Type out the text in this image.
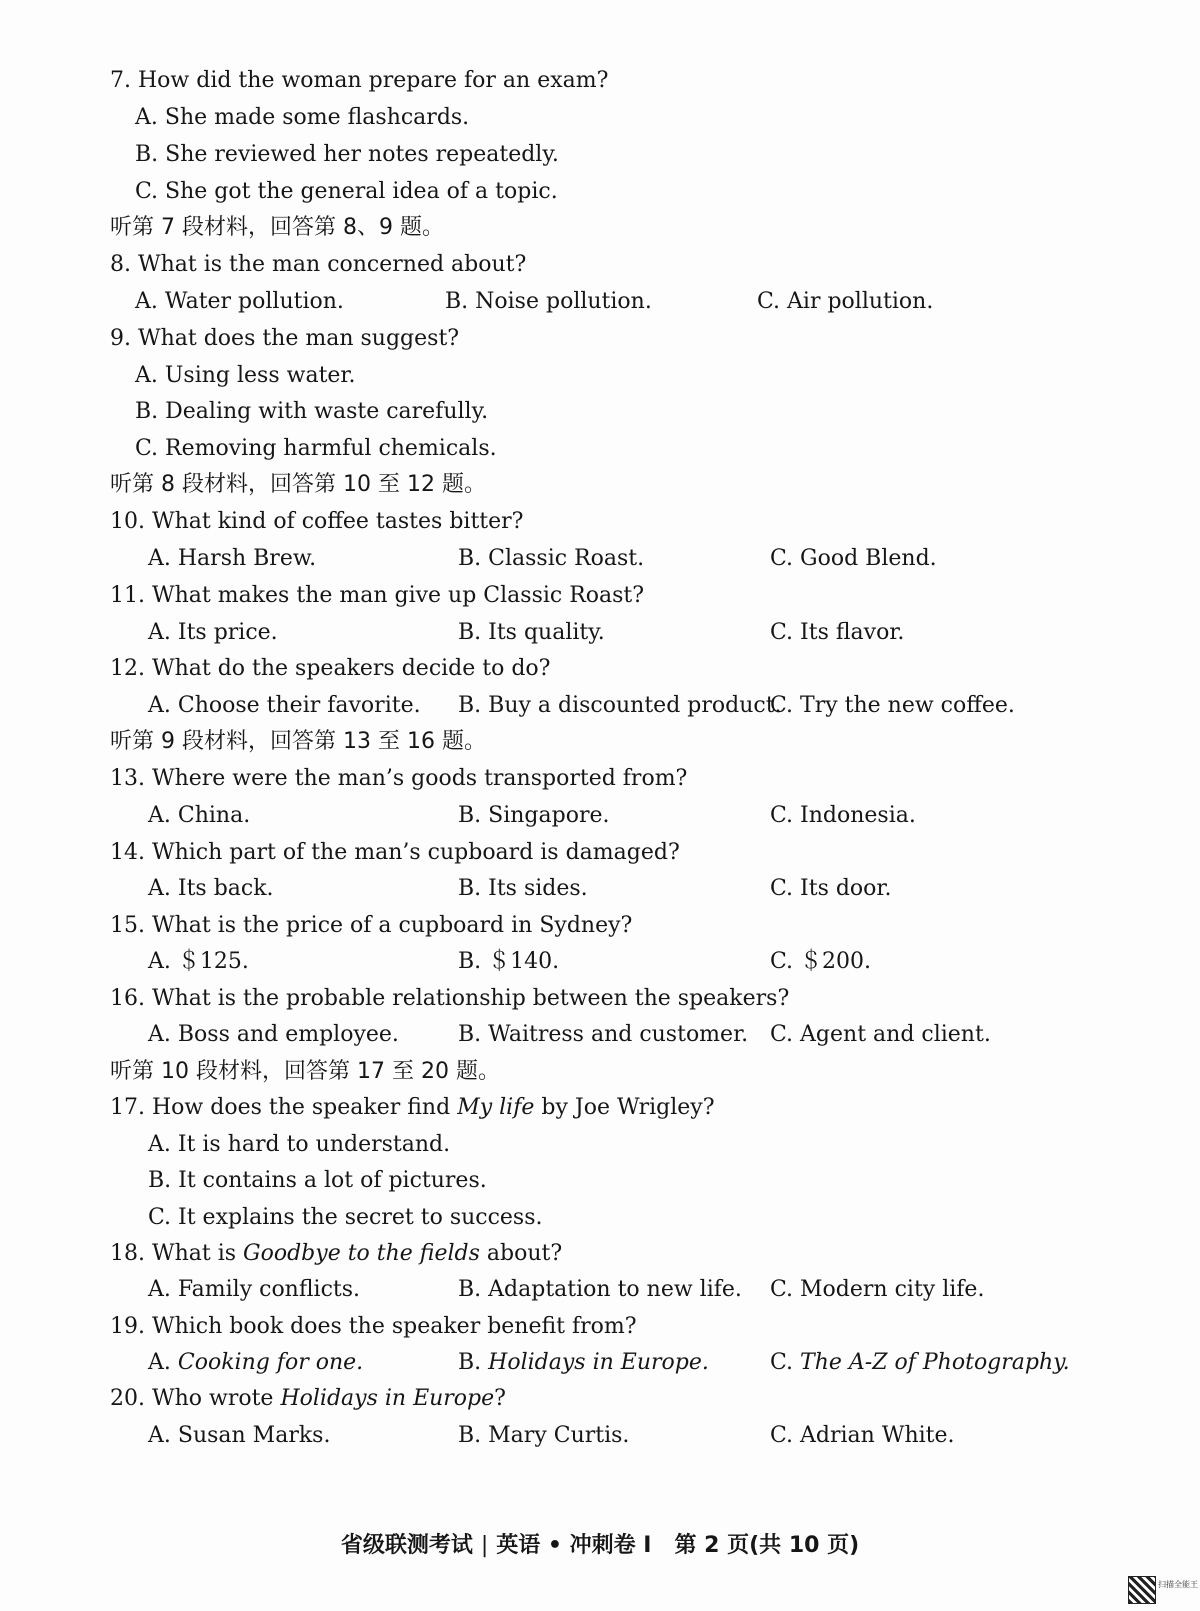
7. How did the woman prepare for an exam?
A. She made some flashcards.
B. She reviewed her notes repeatedly.
C. She got the general idea of a topic.
听第 7 段材料，回答第 8、9 题。
8. What is the man concerned about?
A. Water pollution.	B. Noise pollution.	C. Air pollution.
9. What does the man suggest?
A. Using less water.
B. Dealing with waste carefully.
C. Removing harmful chemicals.
听第 8 段材料，回答第 10 至 12 题。
10. What kind of coffee tastes bitter?
A. Harsh Brew.	B. Classic Roast.	C. Good Blend.
11. What makes the man give up Classic Roast?
A. Its price.	B. Its quality.	C. Its flavor.
12. What do the speakers decide to do?
A. Choose their favorite. B. Buy a discounted product.
C. Try the new coffee.
听第 9 段材料，回答第 13 至 16 题。
13. Where were the man’s goods transported from?
A. China.	B. Singapore.	C. Indonesia.
14. Which part of the man’s cupboard is damaged?
A. Its back.	B. Its sides.	C. Its door.
15. What is the price of a cupboard in Sydney?
A. ＄125.	B. ＄140.	C. ＄200.
16. What is the probable relationship between the speakers?
A. Boss and employee.	B. Waitress and customer. C. Agent and client.
听第 10 段材料，回答第 17 至 20 题。
17. How does the speaker find My life by Joe Wrigley?
A. It is hard to understand.
B. It contains a lot of pictures.
C. It explains the secret to success.
18. What is Goodbye to the fields about?
A. Family conflicts.	B. Adaptation to new life. C. Modern city life.
19. Which book does the speaker benefit from?
A. Cooking for one.	B. Holidays in Europe.	C. The A-Z of Photography.
20. Who wrote Holidays in Europe?
A. Susan Marks.	B. Mary Curtis.	C. Adrian White.
省级联测考试 | 英语 • 冲刺卷 Ⅰ 第 2 页(共 10 页)
扫描全能王
